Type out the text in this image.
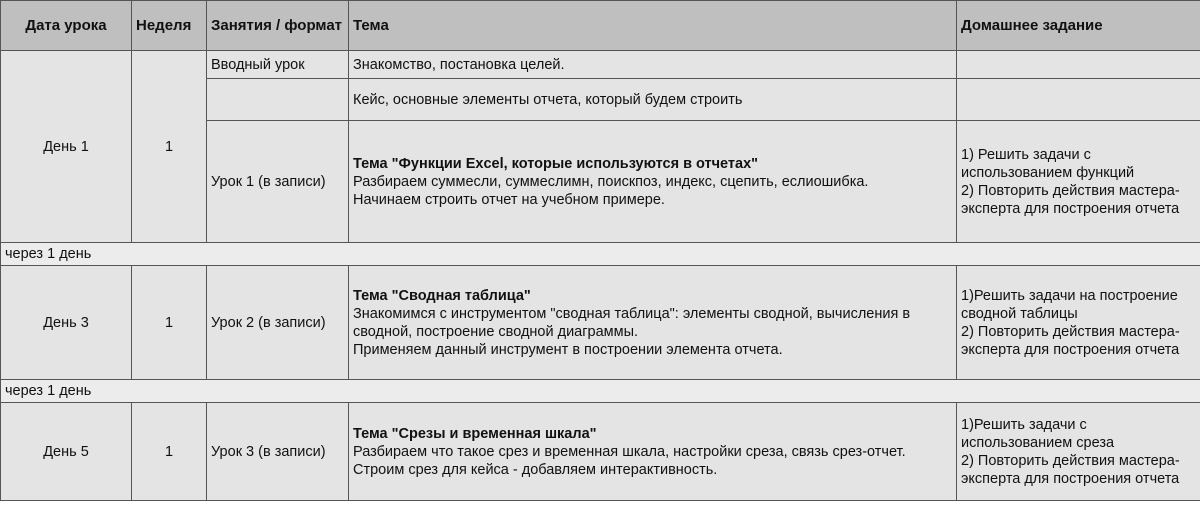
Дата урока	Неделя	Занятия / формат	Тема	Домашнее задание
День 1	1	Вводный урок	Знакомство, постановка целей.	
			Кейс, основные элементы отчета, который будем строить	
		Урок 1 (в записи)	Тема "Функции Excel, которые используются в отчетах"
Разбираем суммесли, суммеслимн, поискпоз, индекс, сцепить, еслиошибка.
Начинаем строить отчет на учебном примере.	1) Решить задачи с использованием функций
2) Повторить действия мастера-эксперта для построения отчета

через 1 день				
День 3	1	Урок 2 (в записи)	Тема "Сводная таблица"
Знакомимся с инструментом "сводная таблица": элементы сводной, вычисления в сводной, построение сводной диаграммы.
Применяем данный инструмент в построении элемента отчета.	1)Решить задачи на построение сводной таблицы
2) Повторить действия мастера-эксперта для построения отчета

через 1 день				
День 5	1	Урок 3 (в записи)	Тема "Срезы и временная шкала"
Разбираем что такое срез и временная шкала, настройки среза, связь срез-отчет.
Строим срез для кейса - добавляем интерактивность.	1)Решить задачи с использованием среза
2) Повторить действия мастера-эксперта для построения отчета
